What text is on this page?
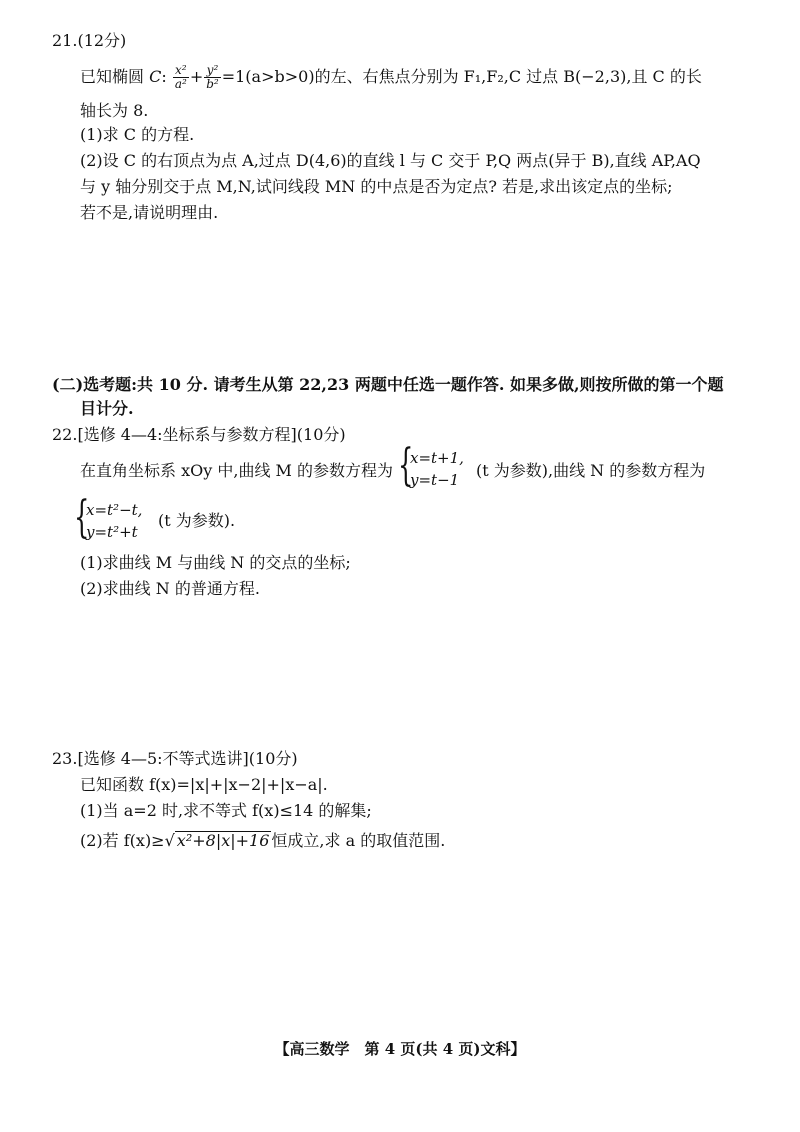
21.(12分)
已知椭圆 C: $\frac{\text{x²}}{\text{a²}} + \frac{\text{y²}}{\text{b²}} =1(a>b>0)$的左、右焦点分别为 F₁,F₂,C 过点 B(−2,3),且 C 的长
轴长为 8.
(1)求 C 的方程.
(2)设 C 的右顶点为点 A,过点 D(4,6)的直线 l 与 C 交于 P,Q 两点(异于 B),直线 AP,AQ
与 y 轴分别交于点 M,N,试问线段 MN 的中点是否为定点? 若是,求出该定点的坐标;
若不是,请说明理由.
(二)选考题:共 10 分. 请考生从第 22,23 两题中任选一题作答. 如果多做,则按所做的第一个题
目计分.
22.[选修 4—4:坐标系与参数方程](10分)
在直角坐标系 xOy 中,曲线 M 的参数方程为 {
x=t+1,
y=t−1 (t 为参数),曲线 N 的参数方程为
{
x=t²−t,
y=t²+t
(t 为参数).
(1)求曲线 M 与曲线 N 的交点的坐标;
(2)求曲线 N 的普通方程.
23.[选修 4—5:不等式选讲](10分)
已知函数 f(x)=|x|+|x−2|+|x−a|.
(1)当 a=2 时,求不等式 f(x)≤14 的解集;
(2)若 f(x)≥√ x²+8|x|+16 恒成立,求 a 的取值范围.
【高三数学　第 4 页(共 4 页)文科】
